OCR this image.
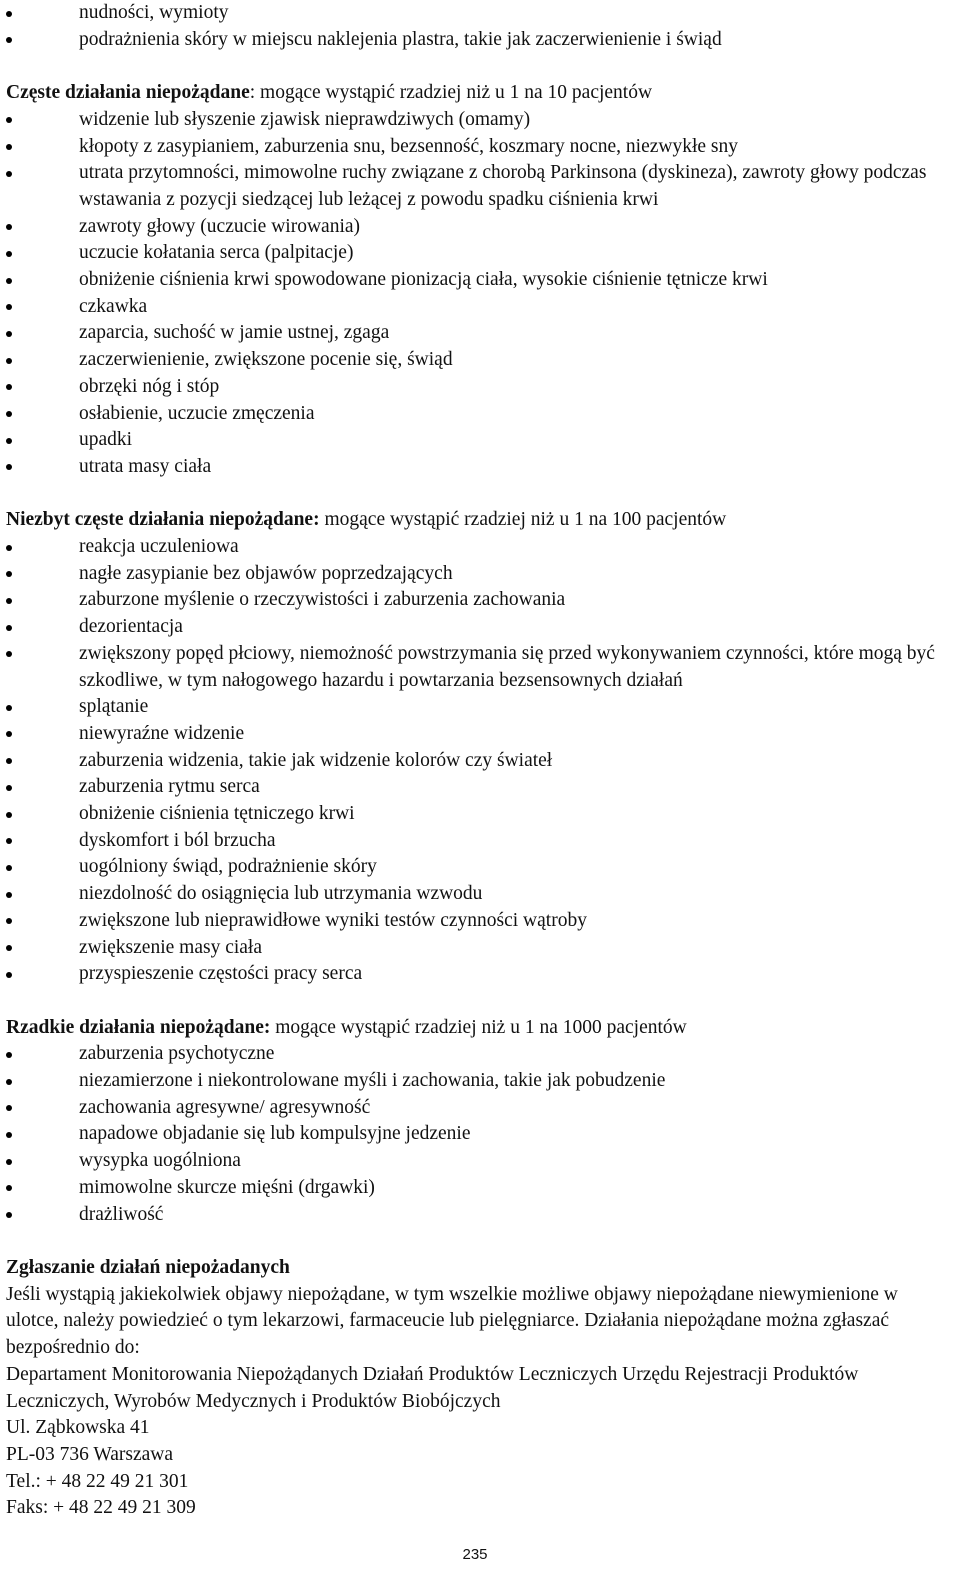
nudności, wymioty
podrażnienia skóry w miejscu naklejenia plastra, takie jak zaczerwienienie i świąd
Częste działania niepożądane: mogące wystąpić rzadziej niż u 1 na 10 pacjentów
widzenie lub słyszenie zjawisk nieprawdziwych (omamy)
kłopoty z zasypianiem, zaburzenia snu, bezsenność, koszmary nocne, niezwykłe sny
utrata przytomności, mimowolne ruchy związane z chorobą Parkinsona (dyskineza), zawroty głowy podczas wstawania z pozycji siedzącej lub leżącej z powodu spadku ciśnienia krwi
zawroty głowy (uczucie wirowania)
uczucie kołatania serca (palpitacje)
obniżenie ciśnienia krwi spowodowane pionizacją ciała, wysokie ciśnienie tętnicze krwi
czkawka
zaparcia, suchość w jamie ustnej, zgaga
zaczerwienienie, zwiększone pocenie się, świąd
obrzęki nóg i stóp
osłabienie, uczucie zmęczenia
upadki
utrata masy ciała
Niezbyt częste działania niepożądane: mogące wystąpić rzadziej niż u 1 na 100 pacjentów
reakcja uczuleniowa
nagłe zasypianie bez objawów poprzedzających
zaburzone myślenie o rzeczywistości i zaburzenia zachowania
dezorientacja
zwiększony popęd płciowy, niemożność powstrzymania się przed wykonywaniem czynności, które mogą być szkodliwe, w tym nałogowego hazardu i powtarzania bezsensownych działań
splątanie
niewyraźne widzenie
zaburzenia widzenia, takie jak widzenie kolorów czy świateł
zaburzenia rytmu serca
obniżenie ciśnienia tętniczego krwi
dyskomfort i ból brzucha
uogólniony świąd, podrażnienie skóry
niezdolność do osiągnięcia lub utrzymania wzwodu
zwiększone lub nieprawidłowe wyniki testów czynności wątroby
zwiększenie masy ciała
przyspieszenie częstości pracy serca
Rzadkie działania niepożądane: mogące wystąpić rzadziej niż u 1 na 1000 pacjentów
zaburzenia psychotyczne
niezamierzone i niekontrolowane myśli i zachowania, takie jak pobudzenie
zachowania agresywne/ agresywność
napadowe objadanie się lub kompulsyjne jedzenie
wysypka uogólniona
mimowolne skurcze mięśni (drgawki)
drażliwość
Zgłaszanie działań niepożadanych

Jeśli wystąpią jakiekolwiek objawy niepożądane, w tym wszelkie możliwe objawy niepożądane niewymienione w ulotce, należy powiedzieć o tym lekarzowi, farmaceucie lub pielęgniarce. Działania niepożądane można zgłaszać bezpośrednio do:

Departament Monitorowania Niepożądanych Działań Produktów Leczniczych Urzędu Rejestracji Produktów Leczniczych, Wyrobów Medycznych i Produktów Biobójczych
Ul. Ząbkowska 41
PL-03 736 Warszawa
Tel.: + 48 22 49 21 301
Faks: + 48 22 49 21 309
235
